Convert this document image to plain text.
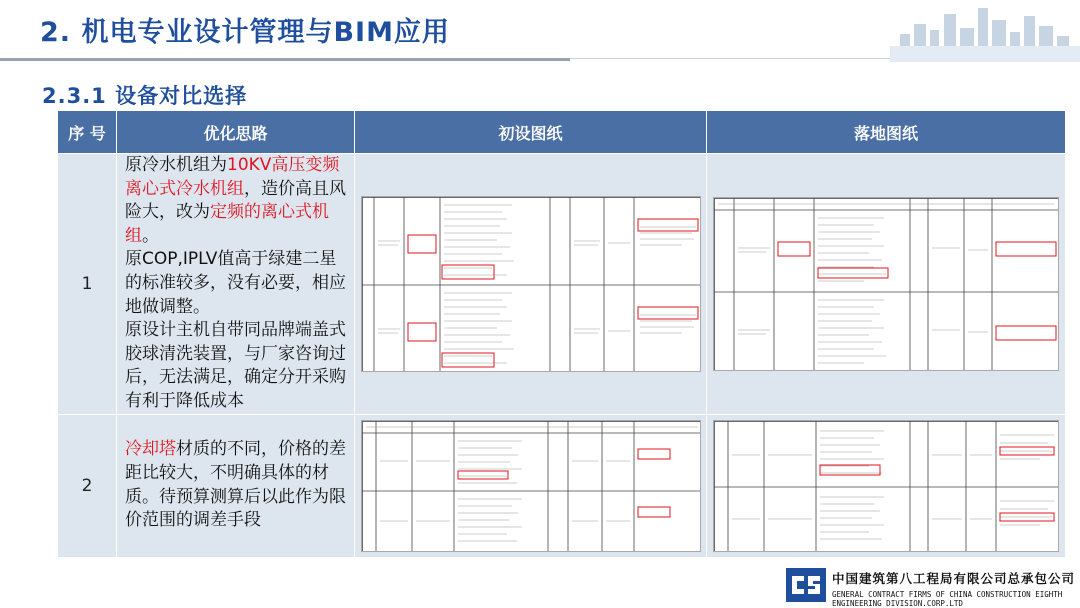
2. 机电专业设计管理与BIM应用
2.3.1 设备对比选择
序 号	优化思路	初设图纸	落地图纸
1	原冷水机组为10KV高压变频离心式冷水机组，造价高且风险大，改为定频的离心式机组。
原COP,IPLV值高于绿建二星的标准较多，没有必要，相应地做调整。
原设计主机自带同品牌端盖式胶球清洗装置，与厂家咨询过后，无法满足，确定分开采购有利于降低成本	

2	冷却塔材质的不同，价格的差距比较大，不明确具体的材质。待预算测算后以此作为限价范围的调差手段	

中国建筑第八工程局有限公司总承包公司
GENERAL CONTRACT FIRMS OF CHINA CONSTRUCTION EIGHTH ENGINEERING DIVISION.CORP.LTD
